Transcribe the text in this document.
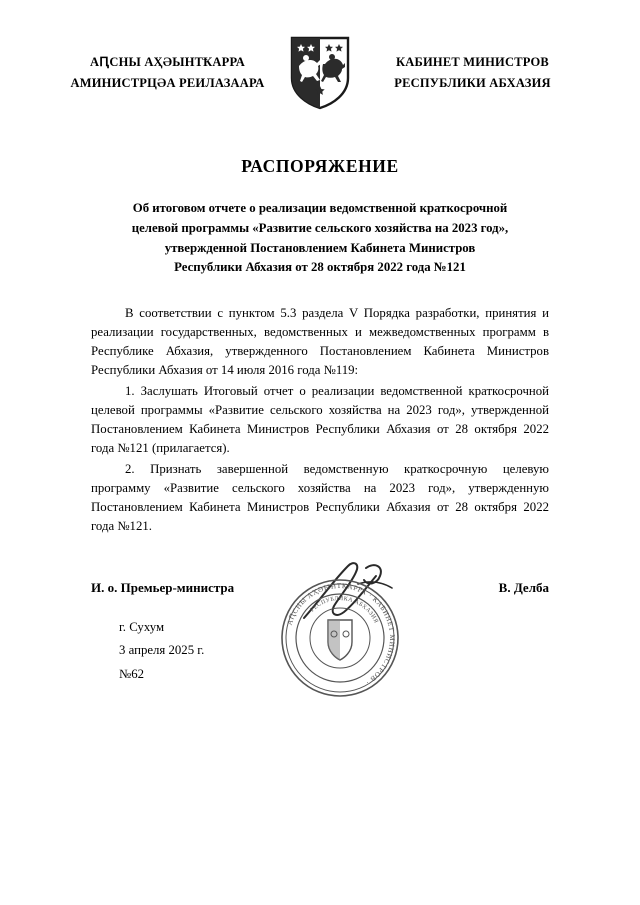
АԤСНЫ АҲӘЫНТҞАРРА
АМИНИСТРЦӘА РЕИЛАЗААРА
КАБИНЕТ МИНИСТРОВ
РЕСПУБЛИКИ АБХАЗИЯ
РАСПОРЯЖЕНИЕ
Об итоговом отчете о реализации ведомственной краткосрочной
целевой программы «Развитие сельского хозяйства на 2023 год»,
утвержденной Постановлением Кабинета Министров
Республики Абхазия от 28 октября 2022 года №121

В соответствии с пунктом 5.3 раздела V Порядка разработки, принятия и реализации государственных, ведомственных и межведомственных программ в Республике Абхазия, утвержденного Постановлением Кабинета Министров Республики Абхазия от 14 июля 2016 года №119:

1. Заслушать Итоговый отчет о реализации ведомственной краткосрочной целевой программы «Развитие сельского хозяйства на 2023 год», утвержденной Постановлением Кабинета Министров Республики Абхазия от 28 октября 2022 года №121 (прилагается).

2. Признать завершенной ведомственную краткосрочную целевую программу «Развитие сельского хозяйства на 2023 год», утвержденную Постановлением Кабинета Министров Республики Абхазия от 28 октября 2022 года №121.

И. о. Премьер-министра	В. Делба
г. Сухум
3 апреля 2025 г.
№62
АԤСНЫ АҲӘЫНТҞАРРА · КАБИНЕТ МИНИСТРОВ ·
РЕСПУБЛИКА АБХАЗИЯ
